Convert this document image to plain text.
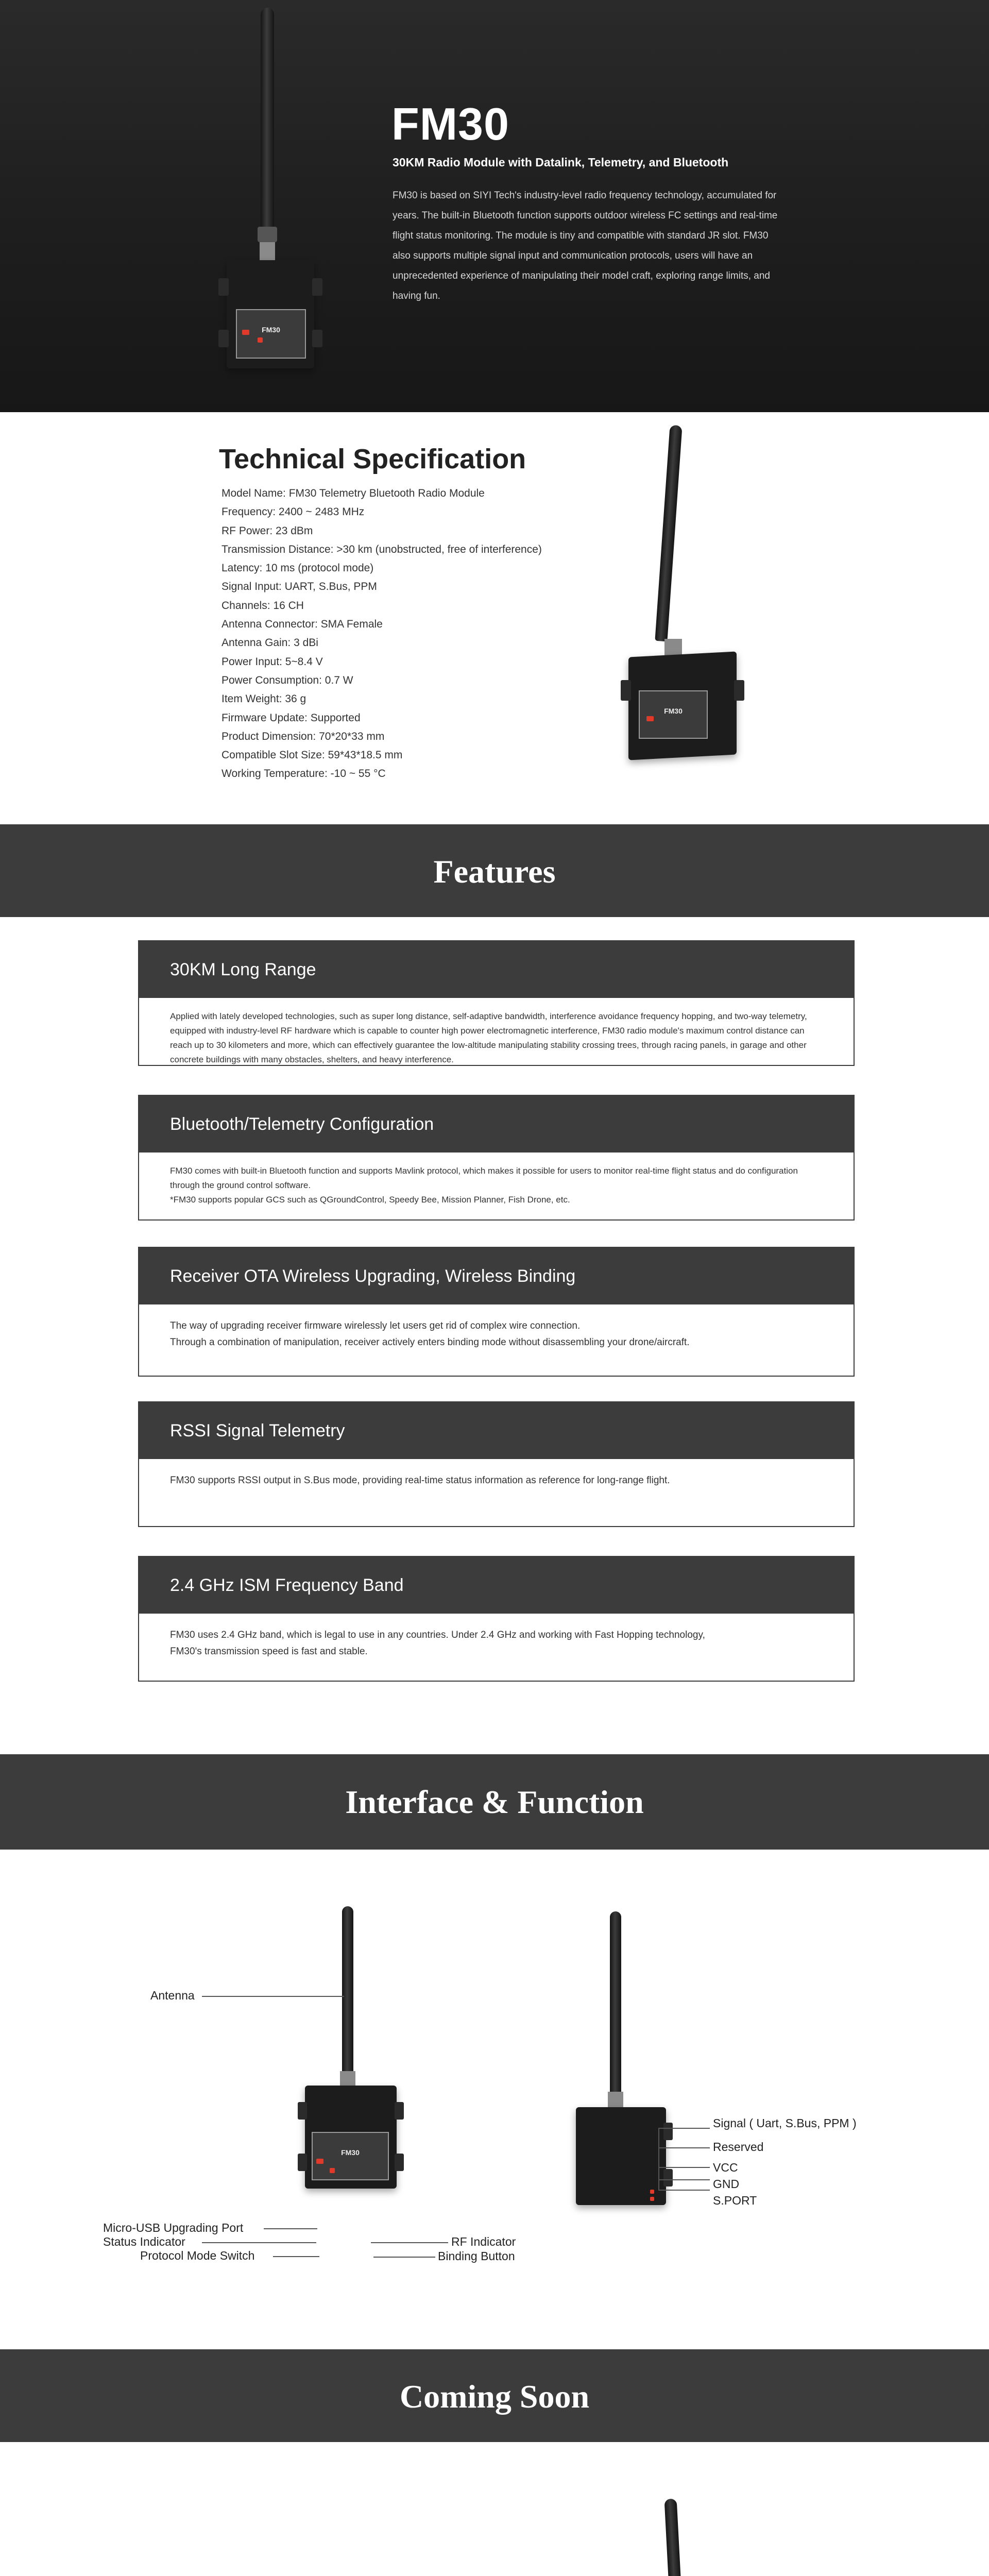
FM30
FM30
30KM Radio Module with Datalink, Telemetry, and Bluetooth
FM30 is based on SIYI Tech's industry-level radio frequency technology, accumulated for years. The built-in Bluetooth function supports outdoor wireless FC settings and real-time flight status monitoring. The module is tiny and compatible with standard JR slot. FM30 also supports multiple signal input and communication protocols, users will have an unprecedented experience of manipulating their model craft, exploring range limits, and having fun.
Technical Specification
Model Name: FM30 Telemetry Bluetooth Radio Module
Frequency: 2400 ~ 2483 MHz
RF Power: 23 dBm
Transmission Distance: >30 km (unobstructed, free of interference)
Latency: 10 ms (protocol mode)
Signal Input: UART, S.Bus, PPM
Channels: 16 CH
Antenna Connector: SMA Female
Antenna Gain: 3 dBi
Power Input: 5~8.4 V
Power Consumption: 0.7 W
Item Weight: 36 g
Firmware Update: Supported
Product Dimension: 70*20*33 mm
Compatible Slot Size: 59*43*18.5 mm
Working Temperature: -10 ~ 55 °C
FM30
Features
30KM Long Range

Applied with lately developed technologies, such as super long distance, self-adaptive bandwidth, interference avoidance frequency hopping, and two-way telemetry, equipped with industry-level RF hardware which is capable to counter high power electromagnetic interference, FM30 radio module's maximum control distance can reach up to 30 kilometers and more, which can effectively guarantee the low-altitude manipulating stability crossing trees, through racing panels, in garage and other concrete buildings with many obstacles, shelters, and heavy interference.

Bluetooth/Telemetry Configuration

FM30 comes with built-in Bluetooth function and supports Mavlink protocol, which makes it possible for users to monitor real-time flight status and do configuration through the ground control software.

*FM30 supports popular GCS such as QGroundControl, Speedy Bee, Mission Planner, Fish Drone, etc.

Receiver OTA Wireless Upgrading, Wireless Binding

The way of upgrading receiver firmware wirelessly let users get rid of complex wire connection.

Through a combination of manipulation, receiver actively enters binding mode without disassembling your drone/aircraft.

RSSI Signal Telemetry

FM30 supports RSSI output in S.Bus mode, providing real-time status information as reference for long-range flight.

2.4 GHz ISM Frequency Band

FM30 uses 2.4 GHz band, which is legal to use in any countries. Under 2.4 GHz and working with Fast Hopping technology,

FM30's transmission speed is fast and stable.

Interface & Function
FM30
Antenna
Micro-USB Upgrading Port
Status Indicator
Protocol Mode Switch
RF Indicator
Binding Button
Signal ( Uart, S.Bus, PPM )
Reserved
VCC
GND
S.PORT
Coming Soon
